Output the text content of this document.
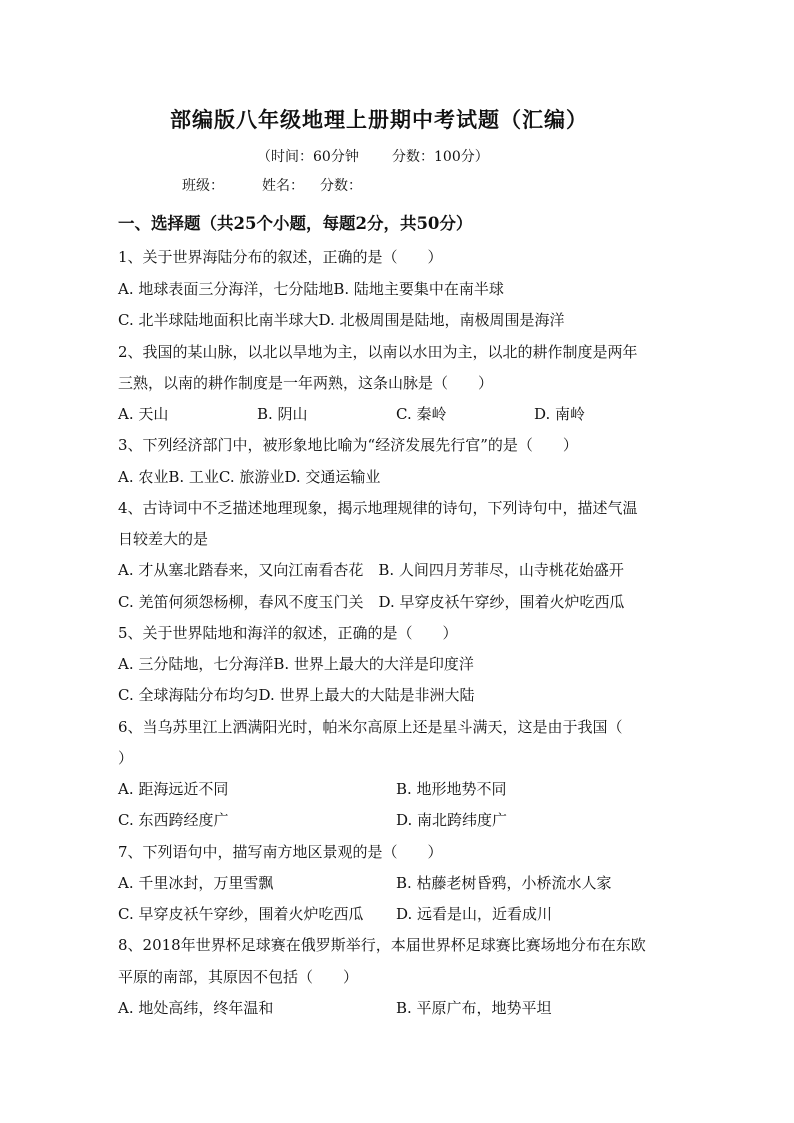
部编版八年级地理上册期中考试题（汇编）
（时间：60分钟 分数：100分）
班级：	姓名： 分数：
一、选择题（共25个小题，每题2分，共50分）
1、关于世界海陆分布的叙述，正确的是（　　）
A. 地球表面三分海洋，七分陆地B. 陆地主要集中在南半球
C. 北半球陆地面积比南半球大D. 北极周围是陆地，南极周围是海洋
2、我国的某山脉，以北以旱地为主，以南以水田为主，以北的耕作制度是两年
三熟，以南的耕作制度是一年两熟，这条山脉是（　　）
A. 天山	B. 阴山	C. 秦岭	D. 南岭
3、下列经济部门中，被形象地比喻为“经济发展先行官”的是（　　）
A. 农业B. 工业C. 旅游业D. 交通运输业
4、古诗词中不乏描述地理现象，揭示地理规律的诗句，下列诗句中，描述气温
日较差大的是
A. 才从塞北踏春来，又向江南看杏花　B. 人间四月芳菲尽，山寺桃花始盛开
C. 羌笛何须怨杨柳，春风不度玉门关　D. 早穿皮袄午穿纱，围着火炉吃西瓜
5、关于世界陆地和海洋的叙述，正确的是（　　）
A. 三分陆地，七分海洋B. 世界上最大的大洋是印度洋
C. 全球海陆分布均匀D. 世界上最大的大陆是非洲大陆
6、当乌苏里江上洒满阳光时，帕米尔高原上还是星斗满天，这是由于我国（
）
A. 距海远近不同	B. 地形地势不同
C. 东西跨经度广	D. 南北跨纬度广
7、下列语句中，描写南方地区景观的是（　　）
A. 千里冰封，万里雪飘	B. 枯藤老树昏鸦，小桥流水人家
C. 早穿皮袄午穿纱，围着火炉吃西瓜 D. 远看是山，近看成川
8、2018年世界杯足球赛在俄罗斯举行，本届世界杯足球赛比赛场地分布在东欧
平原的南部，其原因不包括（　　）
A. 地处高纬，终年温和	B. 平原广布，地势平坦
